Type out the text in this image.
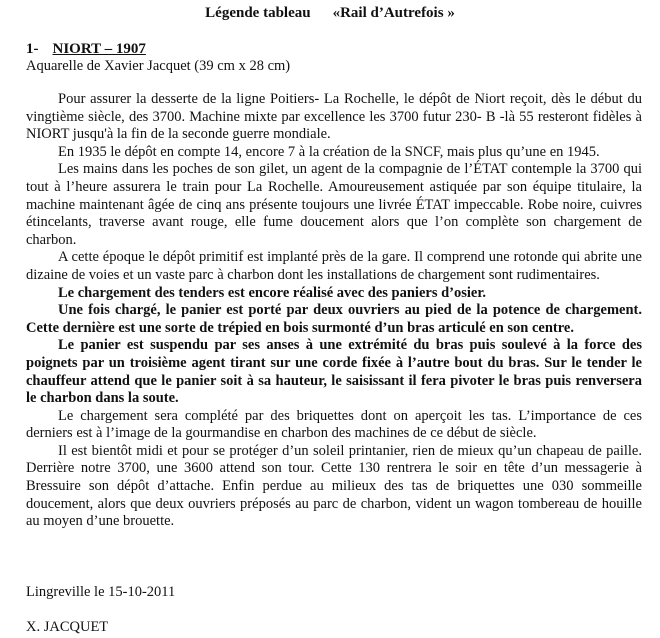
Légende tableau «Rail d’Autrefois »
1- NIORT – 1907
Aquarelle de Xavier Jacquet (39 cm x 28 cm)

Pour assurer la desserte de la ligne Poitiers- La Rochelle, le dépôt de Niort reçoit, dès le début du vingtième siècle, des 3700. Machine mixte par excellence les 3700 futur 230- B -là 55 resteront fidèles à NIORT jusqu'à la fin de la seconde guerre mondiale.

En 1935 le dépôt en compte 14, encore 7 à la création de la SNCF, mais plus qu’une en 1945.

Les mains dans les poches de son gilet, un agent de la compagnie de l’ÉTAT contemple la 3700 qui tout à l’heure assurera le train pour La Rochelle. Amoureusement astiquée par son équipe titulaire, la machine maintenant âgée de cinq ans présente toujours une livrée ÉTAT impeccable. Robe noire, cuivres étincelants, traverse avant rouge, elle fume doucement alors que l’on complète son chargement de charbon.

A cette époque le dépôt primitif est implanté près de la gare. Il comprend une rotonde qui abrite une dizaine de voies et un vaste parc à charbon dont les installations de chargement sont rudimentaires.

Le chargement des tenders est encore réalisé avec des paniers d’osier.

Une fois chargé, le panier est porté par deux ouvriers au pied de la potence de chargement. Cette dernière est une sorte de trépied en bois surmonté d’un bras articulé en son centre.

Le panier est suspendu par ses anses à une extrémité du bras puis soulevé à la force des poignets par un troisième agent tirant sur une corde fixée à l’autre bout du bras. Sur le tender le chauffeur attend que le panier soit à sa hauteur, le saisissant il fera pivoter le bras puis renversera le charbon dans la soute.

Le chargement sera complété par des briquettes dont on aperçoit les tas. L’importance de ces derniers est à l’image de la gourmandise en charbon des machines de ce début de siècle.

Il est bientôt midi et pour se protéger d’un soleil printanier, rien de mieux qu’un chapeau de paille. Derrière notre 3700, une 3600 attend son tour. Cette 130 rentrera le soir en tête d’un messagerie à Bressuire son dépôt d’attache. Enfin perdue au milieux des tas de briquettes une 030 sommeille doucement, alors que deux ouvriers préposés au parc de charbon, vident un wagon tombereau de houille au moyen d’une brouette.

Lingreville le 15-10-2011
X. JACQUET
